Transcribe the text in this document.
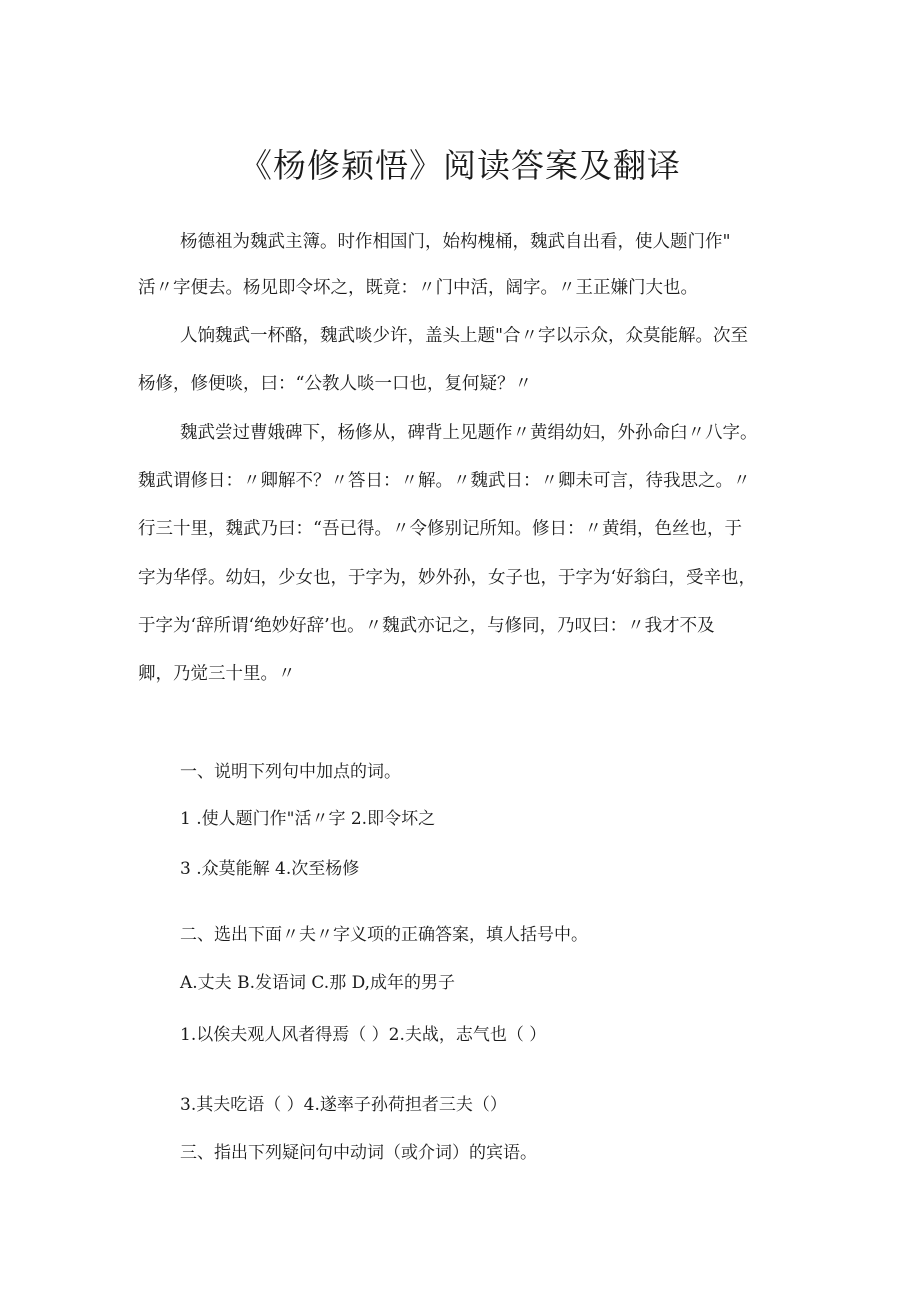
《杨修颖悟》阅读答案及翻译
杨德祖为魏武主簿。时作相国门，始构槐桶，魏武自出看，使人题门作"
活〃字便去。杨见即令坏之，既竟：〃门中活，阔字。〃王正嫌门大也。
人饷魏武一杯酪，魏武啖少许，盖头上题"合〃字以示众，众莫能解。次至
杨修，修便啖，曰：“公教人啖一口也，复何疑？〃
魏武尝过曹娥碑下，杨修从，碑背上见题作〃黄绢幼妇，外孙命臼〃八字。
魏武谓修日：〃卿解不？〃答日：〃解。〃魏武日：〃卿未可言，待我思之。〃
行三十里，魏武乃曰：“吾已得。〃令修别记所知。修日：〃黄绢，色丝也，于
字为华俘。幼妇，少女也，于字为，妙外孙，女子也，于字为‘好翁臼，受辛也，
于字为‘辞所谓‘绝妙好辞’也。〃魏武亦记之，与修同，乃叹曰：〃我才不及
卿，乃觉三十里。〃
一、说明下列句中加点的词。
1 .使人题门作"活〃字 2.即令坏之
3 .众莫能解 4.次至杨修
二、选出下面〃夫〃字义项的正确答案，填人括号中。
A.丈夫 B.发语词 C.那 D,成年的男子
1.以俟夫观人风者得焉（ ）2.夫战，志气也（ ）
3.其夫吃语（ ）4.遂率子孙荷担者三夫（）
三、指出下列疑问句中动词（或介词）的宾语。
